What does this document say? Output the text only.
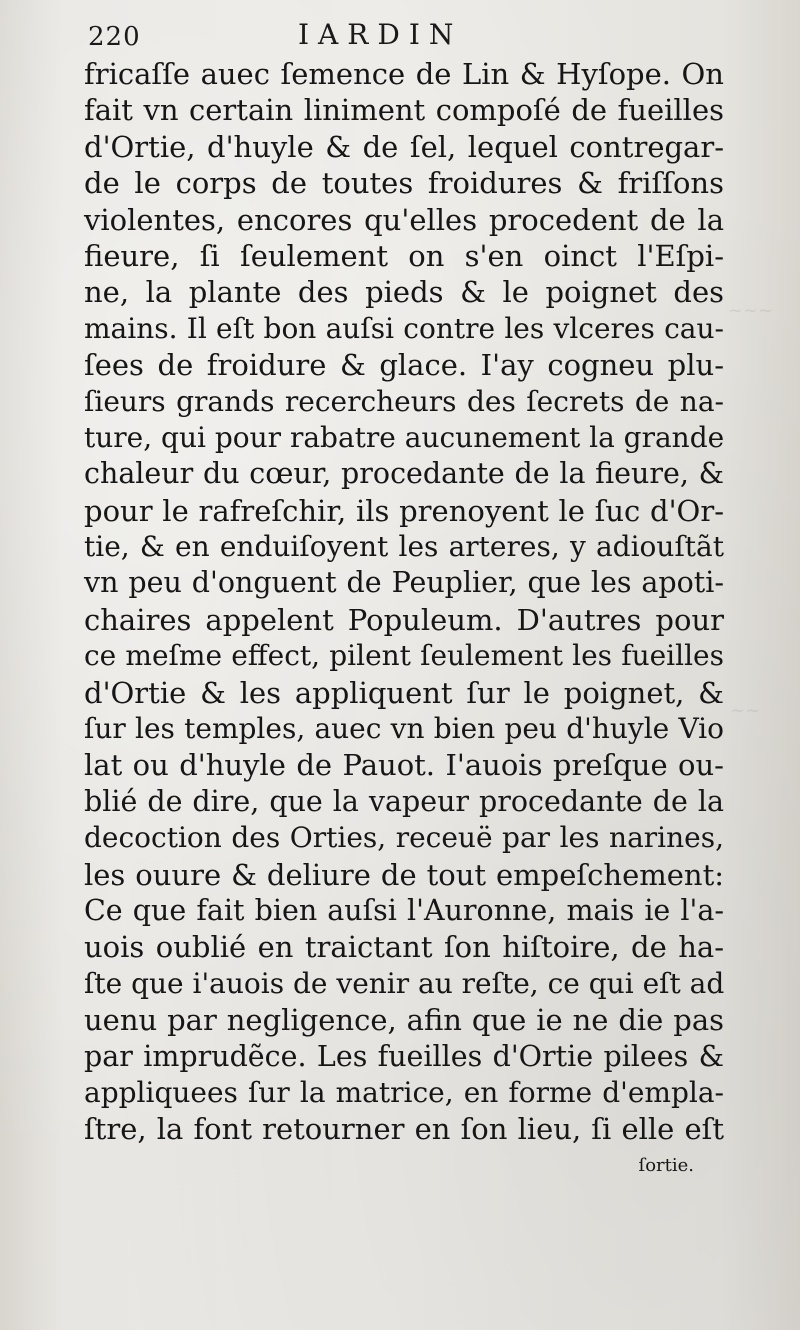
~~~
~~
220	IARDIN
fricaſſe auec ſemence de Lin & Hyſope. On
fait vn certain liniment compoſé de fueilles
d'Ortie, d'huyle & de ſel, lequel contregar-
de le corps de toutes froidures & friſſons
violentes, encores qu'elles procedent de la
fieure, ſi ſeulement on s'en oinct l'Eſpi-
ne, la plante des pieds & le poignet des
mains. Il eſt bon auſsi contre les vlceres cau-
ſees de froidure & glace. I'ay cogneu plu-
ſieurs grands recercheurs des ſecrets de na-
ture, qui pour rabatre aucunement la grande
chaleur du cœur, procedante de la fieure, &
pour le rafreſchir, ils prenoyent le ſuc d'Or-
tie, & en enduiſoyent les arteres, y adiouſtãt
vn peu d'onguent de Peuplier, que les apoti-
chaires appelent Populeum. D'autres pour
ce meſme effect, pilent ſeulement les fueilles
d'Ortie & les appliquent ſur le poignet, &
ſur les temples, auec vn bien peu d'huyle Vio
lat ou d'huyle de Pauot. I'auois preſque ou-
blié de dire, que la vapeur procedante de la
decoction des Orties, receuë par les narines,
les ouure & deliure de tout empeſchement:
Ce que fait bien auſsi l'Auronne, mais ie l'a-
uois oublié en traictant ſon hiſtoire, de ha-
ſte que i'auois de venir au reſte, ce qui eſt ad
uenu par negligence, afin que ie ne die pas
par imprudẽce. Les fueilles d'Ortie pilees &
appliquees ſur la matrice, en forme d'empla-
ſtre, la font retourner en ſon lieu, ſi elle eſt
ſortie.
